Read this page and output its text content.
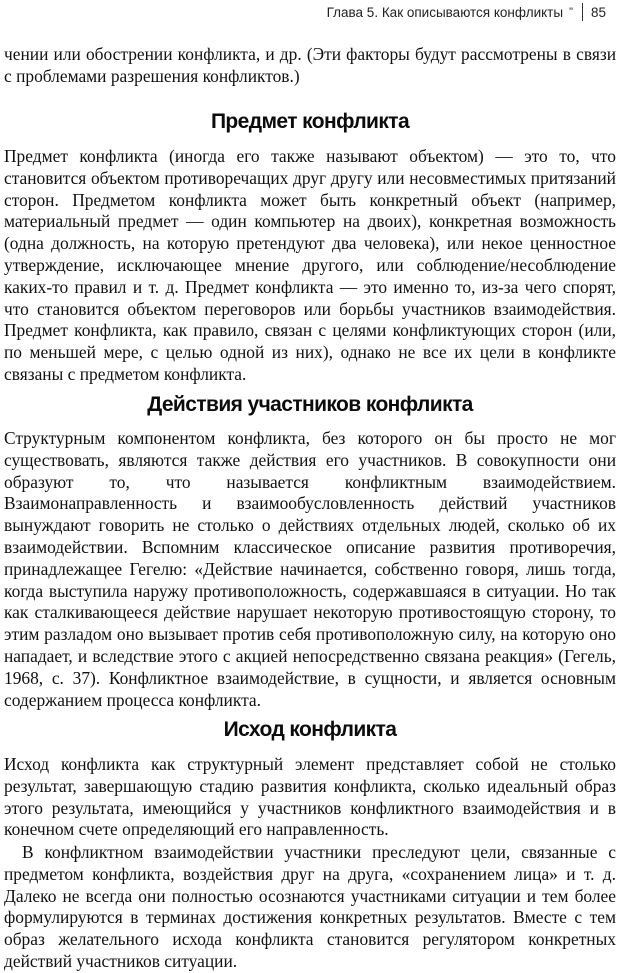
Глава 5. Как описываются конфликты " 85

чении или обострении конфликта, и др. (Эти факторы будут рассмотрены в связи с проблемами разрешения конфликтов.)

Предмет конфликта

Предмет конфликта (иногда его также называют объектом) — это то, что становится объектом противоречащих друг другу или несовместимых притязаний сторон. Предметом конфликта может быть конкретный объект (например, материальный предмет — один компьютер на двоих), конкретная возможность (одна должность, на которую претендуют два человека), или некое ценностное утверждение, исключающее мнение другого, или соблюдение/несоблюдение каких-то правил и т. д. Предмет конфликта — это именно то, из-за чего спорят, что становится объектом переговоров или борьбы участников взаимодействия. Предмет конфликта, как правило, связан с целями конфликтующих сторон (или, по меньшей мере, с целью одной из них), однако не все их цели в конфликте связаны с предметом конфликта.

Действия участников конфликта

Структурным компонентом конфликта, без которого он бы просто не мог существовать, являются также действия его участников. В совокупности они образуют то, что называется конфликтным взаимодействием. Взаимонаправленность и взаимообусловленность действий участников вынуждают говорить не столько о действиях отдельных людей, сколько об их взаимодействии. Вспомним классическое описание развития противоречия, принадлежащее Гегелю: «Действие начинается, собственно говоря, лишь тогда, когда выступила наружу противоположность, содержавшаяся в ситуации. Но так как сталкивающееся действие нарушает некоторую противостоящую сторону, то этим разладом оно вызывает против себя противоположную силу, на которую оно нападает, и вследствие этого с акцией непосредственно связана реакция» (Гегель, 1968, с. 37). Конфликтное взаимодействие, в сущности, и является основным содержанием процесса конфликта.

Исход конфликта

Исход конфликта как структурный элемент представляет собой не столько результат, завершающую стадию развития конфликта, сколько идеальный образ этого результата, имеющийся у участников конфликтного взаимодействия и в конечном счете определяющий его направленность.

В конфликтном взаимодействии участники преследуют цели, связанные с предметом конфликта, воздействия друг на друга, «сохранением лица» и т. д. Далеко не всегда они полностью осознаются участниками ситуации и тем более формулируются в терминах достижения конкретных результатов. Вместе с тем образ желательного исхода конфликта становится регулятором конкретных действий участников ситуации.
